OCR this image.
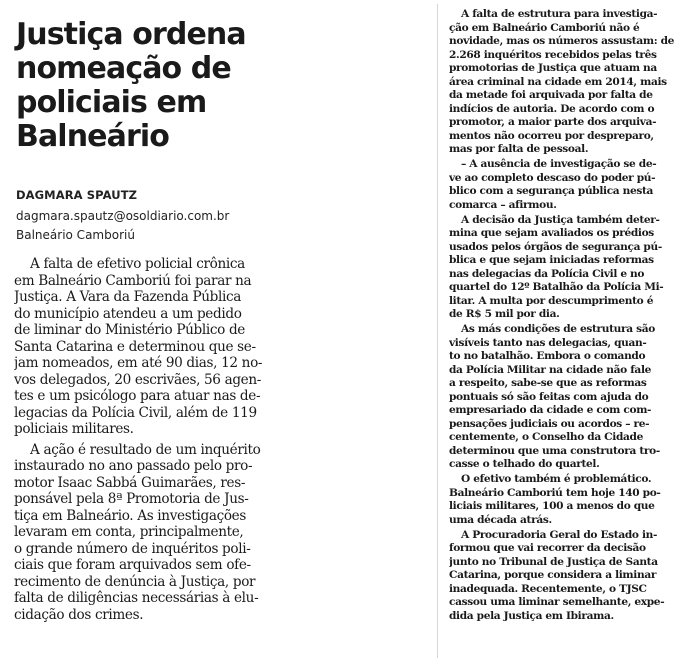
Justiça ordena
nomeação de
policiais em
Balneário
DAGMARA SPAUTZ
dagmara.spautz@osoldiario.com.br
Balneário Camboriú

A falta de efetivo policial crônica
em Balneário Camboriú foi parar na
Justiça. A Vara da Fazenda Pública
do município atendeu a um pedido
de liminar do Ministério Público de
Santa Catarina e determinou que se-
jam nomeados, em até 90 dias, 12 no-
vos delegados, 20 escrivães, 56 agen-
tes e um psicólogo para atuar nas de-
legacias da Polícia Civil, além de 119
policiais militares.

A ação é resultado de um inquérito
instaurado no ano passado pelo pro-
motor Isaac Sabbá Guimarães, res-
ponsável pela 8ª Promotoria de Jus-
tiça em Balneário. As investigações
levaram em conta, principalmente,
o grande número de inquéritos poli-
ciais que foram arquivados sem ofe-
recimento de denúncia à Justiça, por
falta de diligências necessárias à elu-
cidação dos crimes.

A falta de estrutura para investiga-
ção em Balneário Camboriú não é
novidade, mas os números assustam: de
2.268 inquéritos recebidos pelas três
promotorias de Justiça que atuam na
área criminal na cidade em 2014, mais
da metade foi arquivada por falta de
indícios de autoria. De acordo com o
promotor, a maior parte dos arquiva-
mentos não ocorreu por despreparo,
mas por falta de pessoal.

– A ausência de investigação se de-
ve ao completo descaso do poder pú-
blico com a segurança pública nesta
comarca – afirmou.

A decisão da Justiça também deter-
mina que sejam avaliados os prédios
usados pelos órgãos de segurança pú-
blica e que sejam iniciadas reformas
nas delegacias da Polícia Civil e no
quartel do 12º Batalhão da Polícia Mi-
litar. A multa por descumprimento é
de R$ 5 mil por dia.

As más condições de estrutura são
visíveis tanto nas delegacias, quan-
to no batalhão. Embora o comando
da Polícia Militar na cidade não fale
a respeito, sabe-se que as reformas
pontuais só são feitas com ajuda do
empresariado da cidade e com com-
pensações judiciais ou acordos – re-
centemente, o Conselho da Cidade
determinou que uma construtora tro-
casse o telhado do quartel.

O efetivo também é problemático.
Balneário Camboriú tem hoje 140 po-
liciais militares, 100 a menos do que
uma década atrás.

A Procuradoria Geral do Estado in-
formou que vai recorrer da decisão
junto no Tribunal de Justiça de Santa
Catarina, porque considera a liminar
inadequada. Recentemente, o TJSC
cassou uma liminar semelhante, expe-
dida pela Justiça em Ibirama.
